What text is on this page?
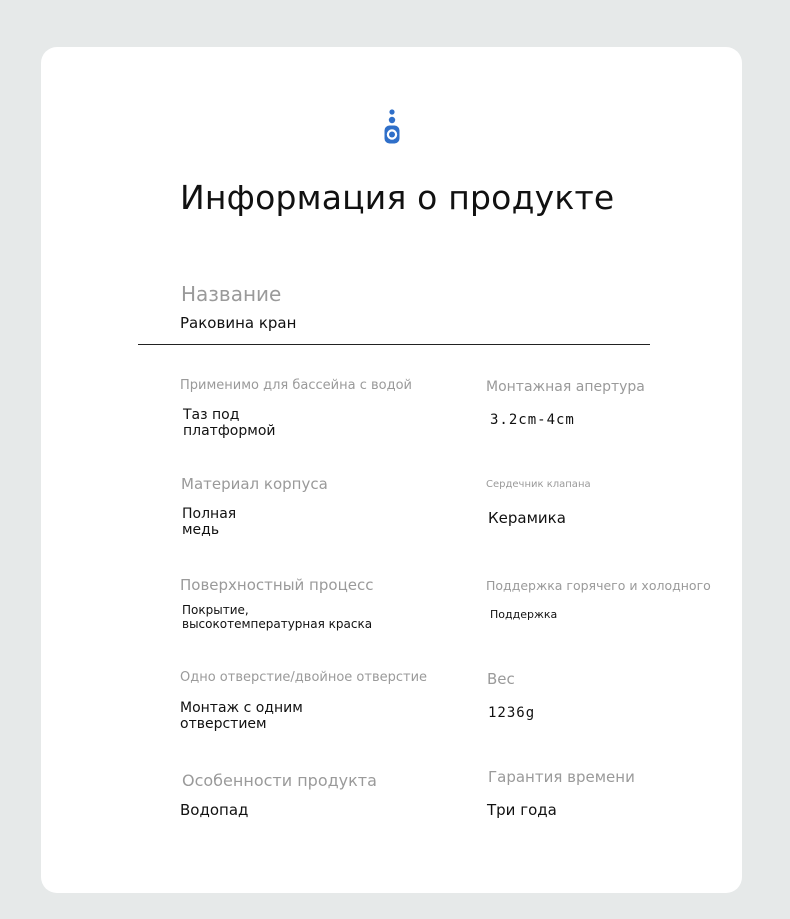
Информация о продукте
Название
Раковина кран
Применимо для бассейна с водой
Таз под
платформой
Монтажная апертура
3.2cm-4cm
Материал корпуса
Полная
медь
Сердечник клапана
Керамика
Поверхностный процесс
Покрытие,
высокотемпературная краска
Поддержка горячего и холодного
Поддержка
Одно отверстие/двойное отверстие
Монтаж с одним
отверстием
Вес
1236g
Особенности продукта
Водопад
Гарантия времени
Три года
